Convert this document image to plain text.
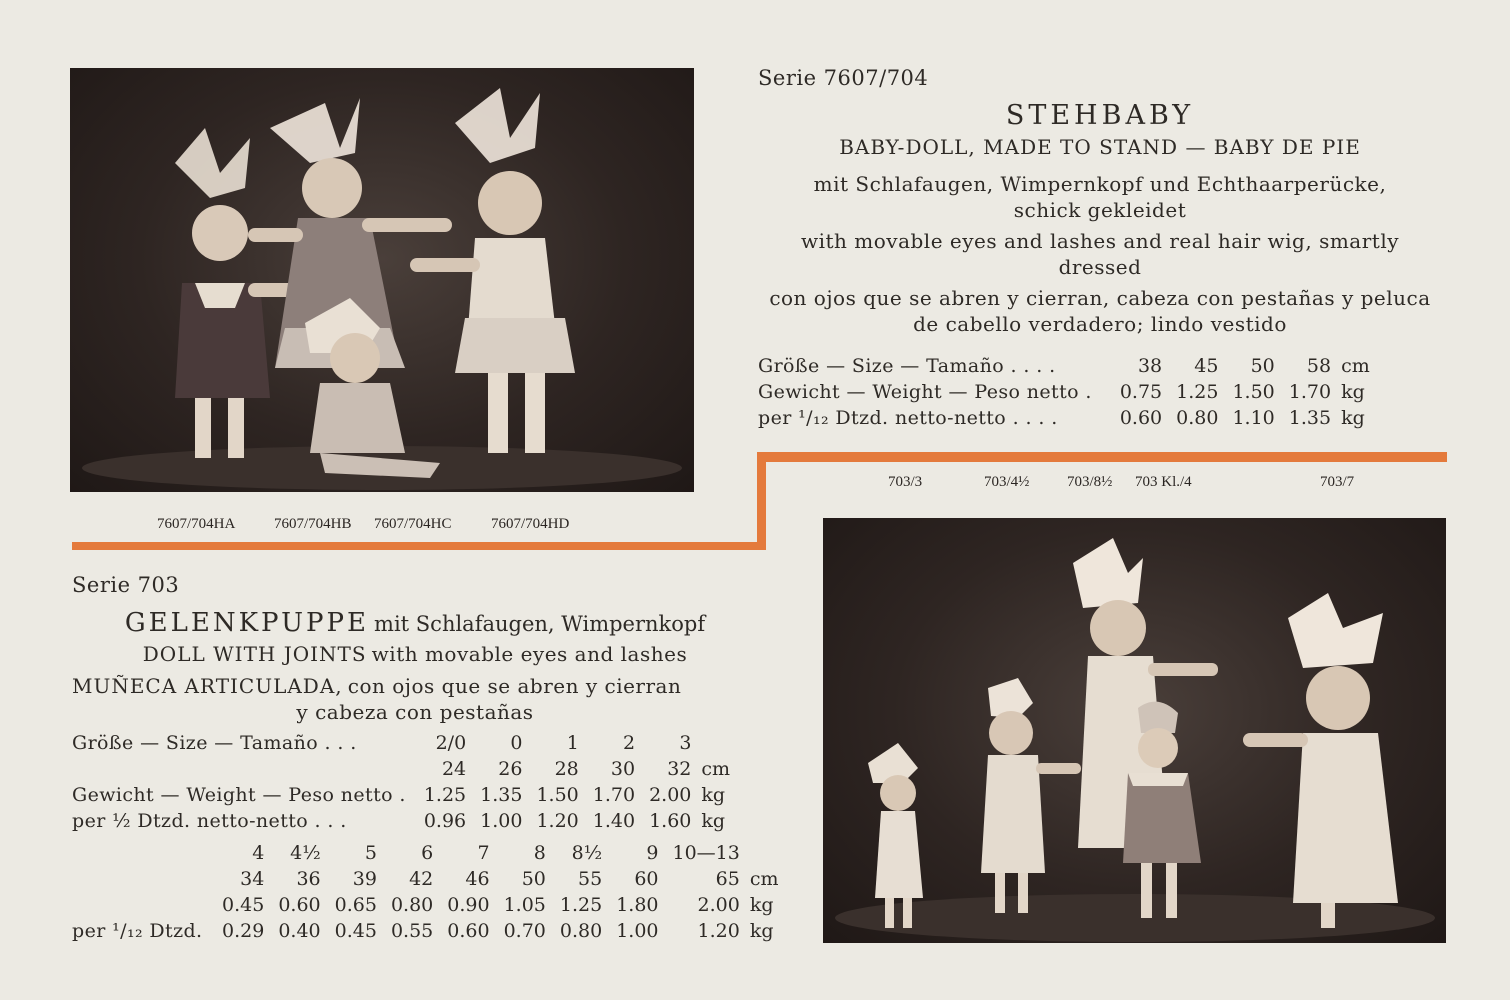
7607/704HA	7607/704HB 7607/704HC	7607/704HD
Serie 7607/704
STEHBABY
BABY-DOLL, MADE TO STAND — BABY DE PIE
mit Schlafaugen, Wimpernkopf und Echthaarperücke,
schick gekleidet
with movable eyes and lashes and real hair wig, smartly
dressed
con ojos que se abren y cierran, cabeza con pestañas y peluca
de cabello verdadero; lindo vestido
Größe — Size — Tamaño . . . .	38	45	50	58	cm
Gewicht — Weight — Peso netto .	0.75	1.25	1.50	1.70	kg
per ¹/₁₂ Dtzd. netto-netto . . . .	0.60	0.80	1.10	1.35	kg
703/3	703/4½	703/8½ 703 Kl./4	703/7
Serie 703
GELENKPUPPE mit Schlafaugen, Wimpernkopf
DOLL WITH JOINTS with movable eyes and lashes
MUÑECA ARTICULADA, con ojos que se abren y cierran
y cabeza con pestañas
Größe — Size — Tamaño . . .	2/0	0	1	2	3	
	24	26	28	30	32	cm
Gewicht — Weight — Peso netto .	1.25	1.35	1.50	1.70	2.00	kg
per ½ Dtzd. netto-netto . . .	0.96	1.00	1.20	1.40	1.60	kg
	4	4½	5	6	7	8	8½	9	10—13	
	34	36	39	42	46	50	55	60	65	cm
	0.45	0.60	0.65	0.80	0.90	1.05	1.25	1.80	2.00	kg
per ¹/₁₂ Dtzd.	0.29	0.40	0.45	0.55	0.60	0.70	0.80	1.00	1.20	kg
